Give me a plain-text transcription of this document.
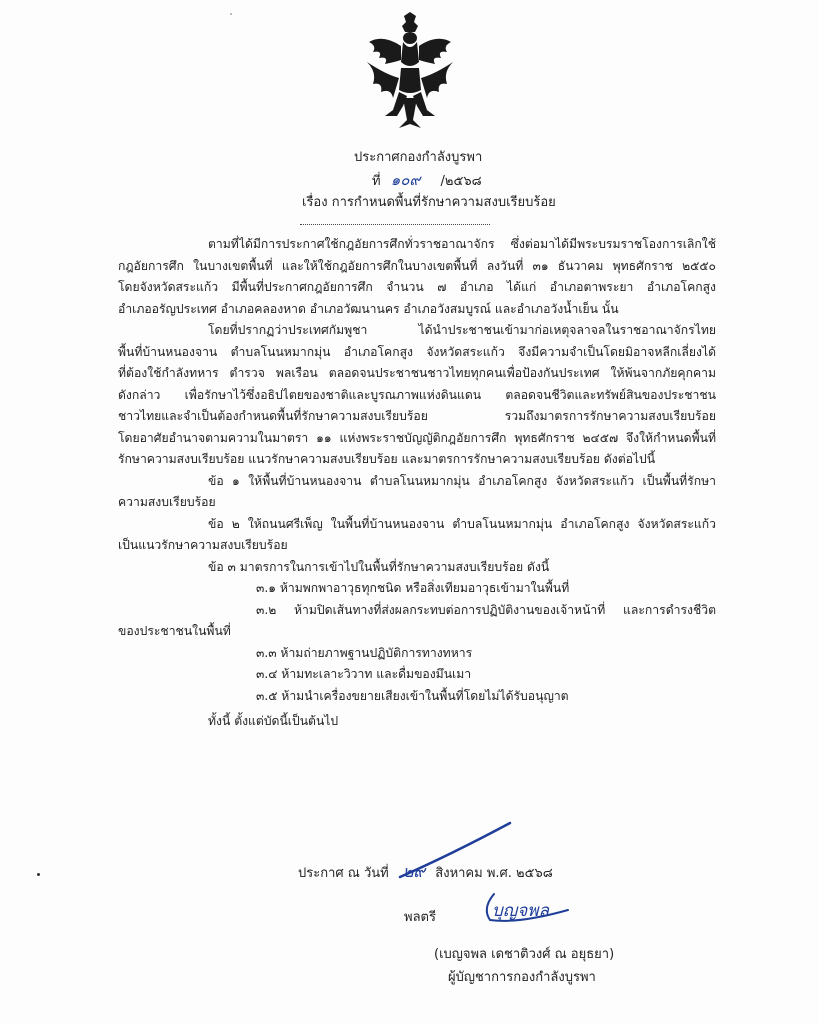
ประกาศกองกำลังบูรพา
ที่ ๑๐๙ /๒๕๖๘
เรื่อง การกำหนดพื้นที่รักษาความสงบเรียบร้อย

ตามที่ได้มีการประกาศใช้กฎอัยการศึกทั่วราชอาณาจักร ซึ่งต่อมาได้มีพระบรมราชโองการเลิกใช้

กฎอัยการศึก ในบางเขตพื้นที่ และให้ใช้กฎอัยการศึกในบางเขตพื้นที่ ลงวันที่ ๓๑ ธันวาคม พุทธศักราช ๒๕๕๐

โดยจังหวัดสระแก้ว มีพื้นที่ประกาศกฎอัยการศึก จำนวน ๗ อำเภอ ได้แก่ อำเภอตาพระยา อำเภอโคกสูง

อำเภออรัญประเทศ อำเภอคลองหาด อำเภอวัฒนานคร อำเภอวังสมบูรณ์ และอำเภอวังน้ำเย็น นั้น

โดยที่ปรากฏว่าประเทศกัมพูชา ได้นำประชาชนเข้ามาก่อเหตุจลาจลในราชอาณาจักรไทย

พื้นที่บ้านหนองจาน ตำบลโนนหมากมุ่น อำเภอโคกสูง จังหวัดสระแก้ว จึงมีความจำเป็นโดยมิอาจหลีกเลี่ยงได้

ที่ต้องใช้กำลังทหาร ตำรวจ พลเรือน ตลอดจนประชาชนชาวไทยทุกคนเพื่อป้องกันประเทศ ให้พ้นจากภัยคุกคาม

ดังกล่าว เพื่อรักษาไว้ซึ่งอธิปไตยของชาติและบูรณภาพแห่งดินแดน ตลอดจนชีวิตและทรัพย์สินของประชาชน

ชาวไทยและจำเป็นต้องกำหนดพื้นที่รักษาความสงบเรียบร้อย รวมถึงมาตรการรักษาความสงบเรียบร้อย

โดยอาศัยอำนาจตามความในมาตรา ๑๑ แห่งพระราชบัญญัติกฎอัยการศึก พุทธศักราช ๒๔๕๗ จึงให้กำหนดพื้นที่

รักษาความสงบเรียบร้อย แนวรักษาความสงบเรียบร้อย และมาตรการรักษาความสงบเรียบร้อย ดังต่อไปนี้

ข้อ ๑ ให้พื้นที่บ้านหนองจาน ตำบลโนนหมากมุ่น อำเภอโคกสูง จังหวัดสระแก้ว เป็นพื้นที่รักษา

ความสงบเรียบร้อย

ข้อ ๒ ให้ถนนศรีเพ็ญ ในพื้นที่บ้านหนองจาน ตำบลโนนหมากมุ่น อำเภอโคกสูง จังหวัดสระแก้ว

เป็นแนวรักษาความสงบเรียบร้อย

ข้อ ๓ มาตรการในการเข้าไปในพื้นที่รักษาความสงบเรียบร้อย ดังนี้

๓.๑ ห้ามพกพาอาวุธทุกชนิด หรือสิ่งเทียมอาวุธเข้ามาในพื้นที่

๓.๒ ห้ามปิดเส้นทางที่ส่งผลกระทบต่อการปฏิบัติงานของเจ้าหน้าที่ และการดำรงชีวิต

ของประชาชนในพื้นที่

๓.๓ ห้ามถ่ายภาพฐานปฏิบัติการทางทหาร

๓.๔ ห้ามทะเลาะวิวาท และดื่มของมึนเมา

๓.๕ ห้ามนำเครื่องขยายเสียงเข้าในพื้นที่โดยไม่ได้รับอนุญาต

ทั้งนี้ ตั้งแต่บัดนี้เป็นต้นไป

ประกาศ ณ วันที่ ๒๙ สิงหาคม พ.ศ. ๒๕๖๘
พลตรี	บุญจพล
(เบญจพล เดชาติวงศ์ ณ อยุธยา)
ผู้บัญชาการกองกำลังบูรพา
